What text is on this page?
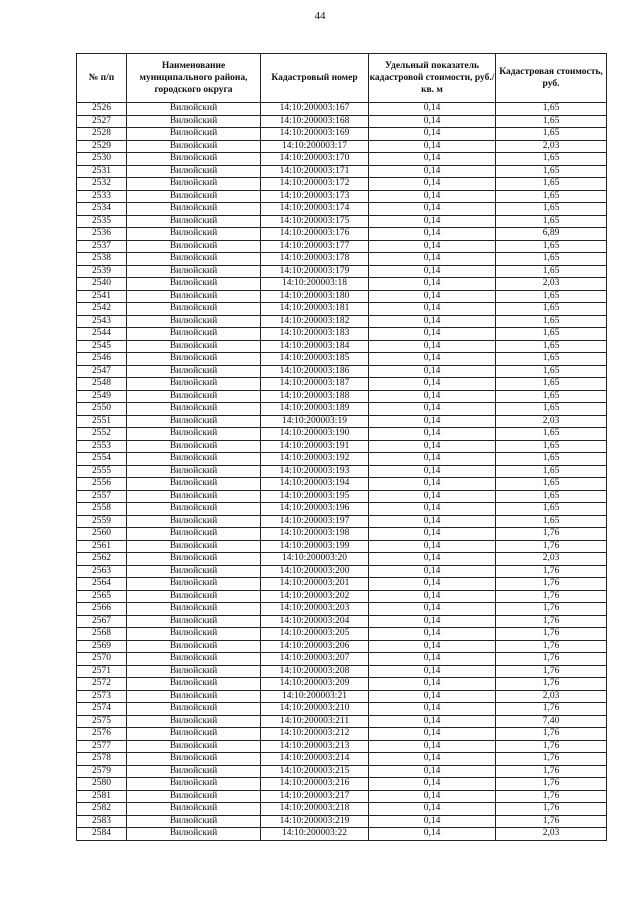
44
№ п/п	Наименование муниципального района, городского округа	Кадастровый номер	Удельный показатель кадастровой стоимости, руб./кв. м	Кадастровая стоимость, руб.
2526	Вилюйский	14:10:200003:167	0,14	1,65
2527	Вилюйский	14:10:200003:168	0,14	1,65
2528	Вилюйский	14:10:200003:169	0,14	1,65
2529	Вилюйский	14:10:200003:17	0,14	2,03
2530	Вилюйский	14:10:200003:170	0,14	1,65
2531	Вилюйский	14:10:200003:171	0,14	1,65
2532	Вилюйский	14:10:200003:172	0,14	1,65
2533	Вилюйский	14:10:200003:173	0,14	1,65
2534	Вилюйский	14:10:200003:174	0,14	1,65
2535	Вилюйский	14:10:200003:175	0,14	1,65
2536	Вилюйский	14:10:200003:176	0,14	6,89
2537	Вилюйский	14:10:200003:177	0,14	1,65
2538	Вилюйский	14:10:200003:178	0,14	1,65
2539	Вилюйский	14:10:200003:179	0,14	1,65
2540	Вилюйский	14:10:200003:18	0,14	2,03
2541	Вилюйский	14:10:200003:180	0,14	1,65
2542	Вилюйский	14:10:200003:181	0,14	1,65
2543	Вилюйский	14:10:200003:182	0,14	1,65
2544	Вилюйский	14:10:200003:183	0,14	1,65
2545	Вилюйский	14:10:200003:184	0,14	1,65
2546	Вилюйский	14:10:200003:185	0,14	1,65
2547	Вилюйский	14:10:200003:186	0,14	1,65
2548	Вилюйский	14:10:200003:187	0,14	1,65
2549	Вилюйский	14:10:200003:188	0,14	1,65
2550	Вилюйский	14:10:200003:189	0,14	1,65
2551	Вилюйский	14:10:200003:19	0,14	2,03
2552	Вилюйский	14:10:200003:190	0,14	1,65
2553	Вилюйский	14:10:200003:191	0,14	1,65
2554	Вилюйский	14:10:200003:192	0,14	1,65
2555	Вилюйский	14:10:200003:193	0,14	1,65
2556	Вилюйский	14:10:200003:194	0,14	1,65
2557	Вилюйский	14:10:200003:195	0,14	1,65
2558	Вилюйский	14:10:200003:196	0,14	1,65
2559	Вилюйский	14:10:200003:197	0,14	1,65
2560	Вилюйский	14:10:200003:198	0,14	1,76
2561	Вилюйский	14:10:200003:199	0,14	1,76
2562	Вилюйский	14:10:200003:20	0,14	2,03
2563	Вилюйский	14:10:200003:200	0,14	1,76
2564	Вилюйский	14:10:200003:201	0,14	1,76
2565	Вилюйский	14:10:200003:202	0,14	1,76
2566	Вилюйский	14:10:200003:203	0,14	1,76
2567	Вилюйский	14:10:200003:204	0,14	1,76
2568	Вилюйский	14:10:200003:205	0,14	1,76
2569	Вилюйский	14:10:200003:206	0,14	1,76
2570	Вилюйский	14:10:200003:207	0,14	1,76
2571	Вилюйский	14:10:200003:208	0,14	1,76
2572	Вилюйский	14:10:200003:209	0,14	1,76
2573	Вилюйский	14:10:200003:21	0,14	2,03
2574	Вилюйский	14:10:200003:210	0,14	1,76
2575	Вилюйский	14:10:200003:211	0,14	7,40
2576	Вилюйский	14:10:200003:212	0,14	1,76
2577	Вилюйский	14:10:200003:213	0,14	1,76
2578	Вилюйский	14:10:200003:214	0,14	1,76
2579	Вилюйский	14:10:200003:215	0,14	1,76
2580	Вилюйский	14:10:200003:216	0,14	1,76
2581	Вилюйский	14:10:200003:217	0,14	1,76
2582	Вилюйский	14:10:200003:218	0,14	1,76
2583	Вилюйский	14:10:200003:219	0,14	1,76
2584	Вилюйский	14:10:200003:22	0,14	2,03
